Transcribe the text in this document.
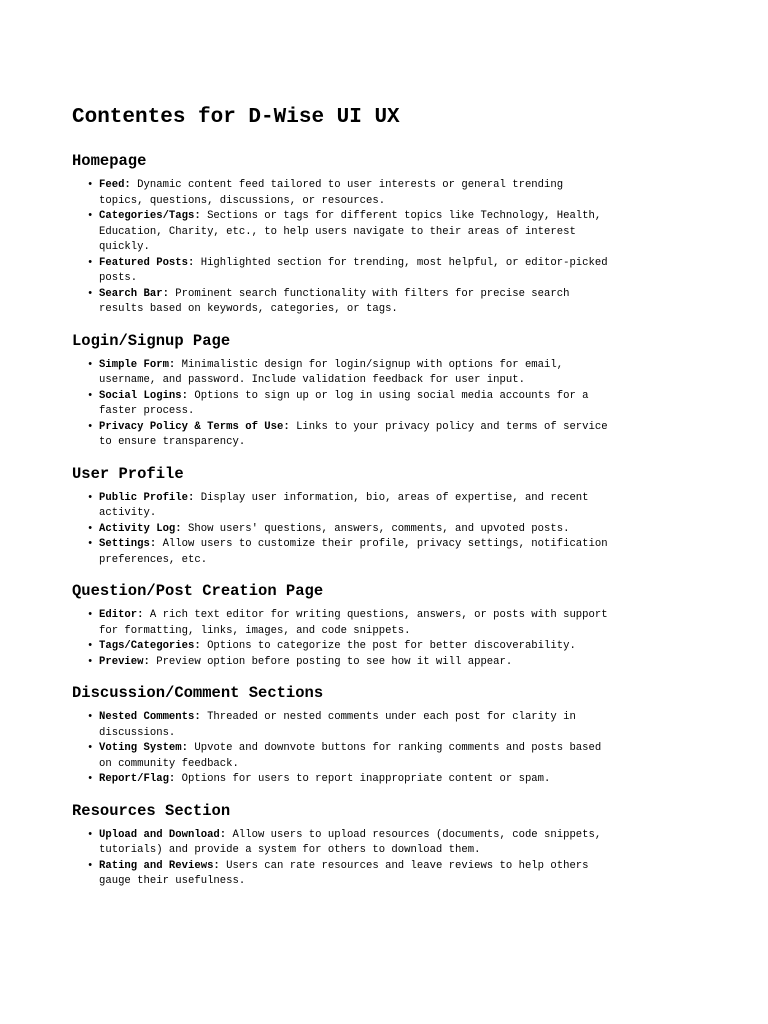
Contentes for D-Wise UI UX
Homepage
• Feed: Dynamic content feed tailored to user interests or general trending topics, questions, discussions, or resources.
• Categories/Tags: Sections or tags for different topics like Technology, Health, Education, Charity, etc., to help users navigate to their areas of interest quickly.
• Featured Posts: Highlighted section for trending, most helpful, or editor-picked posts.
• Search Bar: Prominent search functionality with filters for precise search results based on keywords, categories, or tags.
Login/Signup Page
• Simple Form: Minimalistic design for login/signup with options for email, username, and password. Include validation feedback for user input.
• Social Logins: Options to sign up or log in using social media accounts for a faster process.
• Privacy Policy & Terms of Use: Links to your privacy policy and terms of service to ensure transparency.
User Profile
• Public Profile: Display user information, bio, areas of expertise, and recent activity.
• Activity Log: Show users' questions, answers, comments, and upvoted posts.
• Settings: Allow users to customize their profile, privacy settings, notification preferences, etc.
Question/Post Creation Page
• Editor: A rich text editor for writing questions, answers, or posts with support for formatting, links, images, and code snippets.
• Tags/Categories: Options to categorize the post for better discoverability.
• Preview: Preview option before posting to see how it will appear.
Discussion/Comment Sections
• Nested Comments: Threaded or nested comments under each post for clarity in discussions.
• Voting System: Upvote and downvote buttons for ranking comments and posts based on community feedback.
• Report/Flag: Options for users to report inappropriate content or spam.
Resources Section
• Upload and Download: Allow users to upload resources (documents, code snippets, tutorials) and provide a system for others to download them.
• Rating and Reviews: Users can rate resources and leave reviews to help others gauge their usefulness.
